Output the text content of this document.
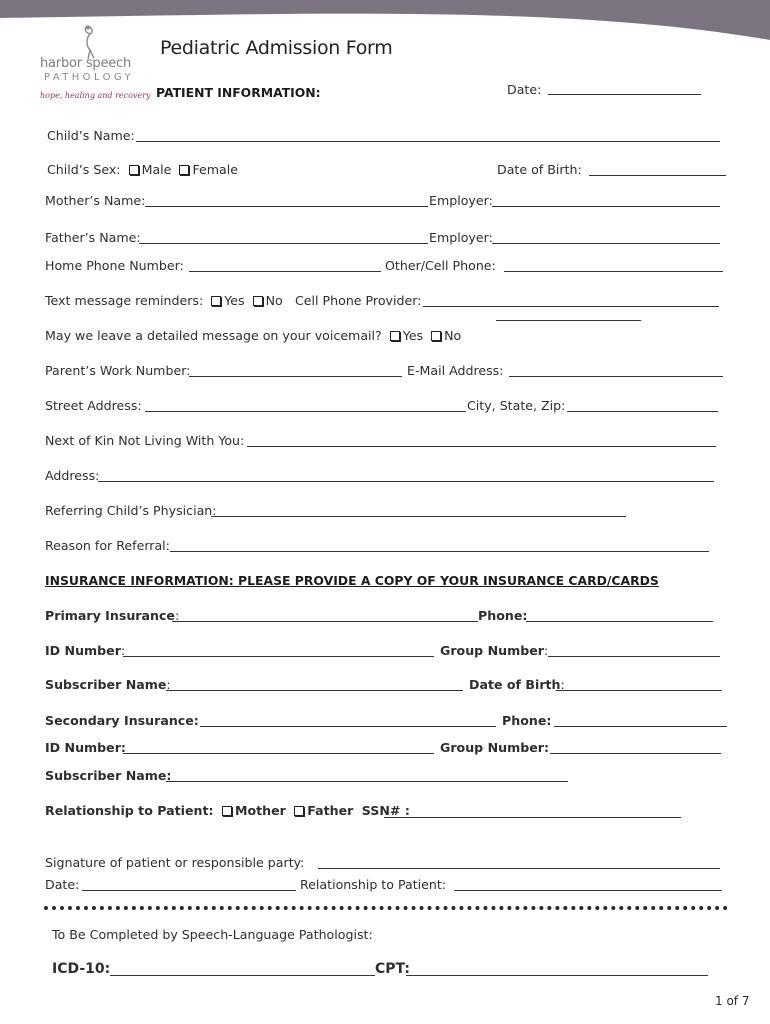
harbor speech
PATHOLOGY
hope, healing and recovery
Pediatric Admission Form
PATIENT INFORMATION:	Date:
Child’s Name:
Child’s Sex: Male Female	Date of Birth:
Mother’s Name:	Employer:
Father’s Name:	Employer:
Home Phone Number:	Other/Cell Phone:
Text message reminders: Yes No Cell Phone Provider:
May we leave a detailed message on your voicemail? Yes No
Parent’s Work Number:	E-Mail Address:
Street Address:	City, State, Zip:
Next of Kin Not Living With You:
Address:
Referring Child’s Physician:
Reason for Referral:
INSURANCE INFORMATION: PLEASE PROVIDE A COPY OF YOUR INSURANCE CARD/CARDS
Primary Insurance:	Phone:
ID Number:	Group Number:
Subscriber Name:	Date of Birth:
Secondary Insurance:	Phone:
ID Number:	Group Number:
Subscriber Name:
Relationship to Patient: Mother Father SSN# :
Signature of patient or responsible party:
Date:	Relationship to Patient:
To Be Completed by Speech-Language Pathologist:
ICD-10:	CPT:
1 of 7
